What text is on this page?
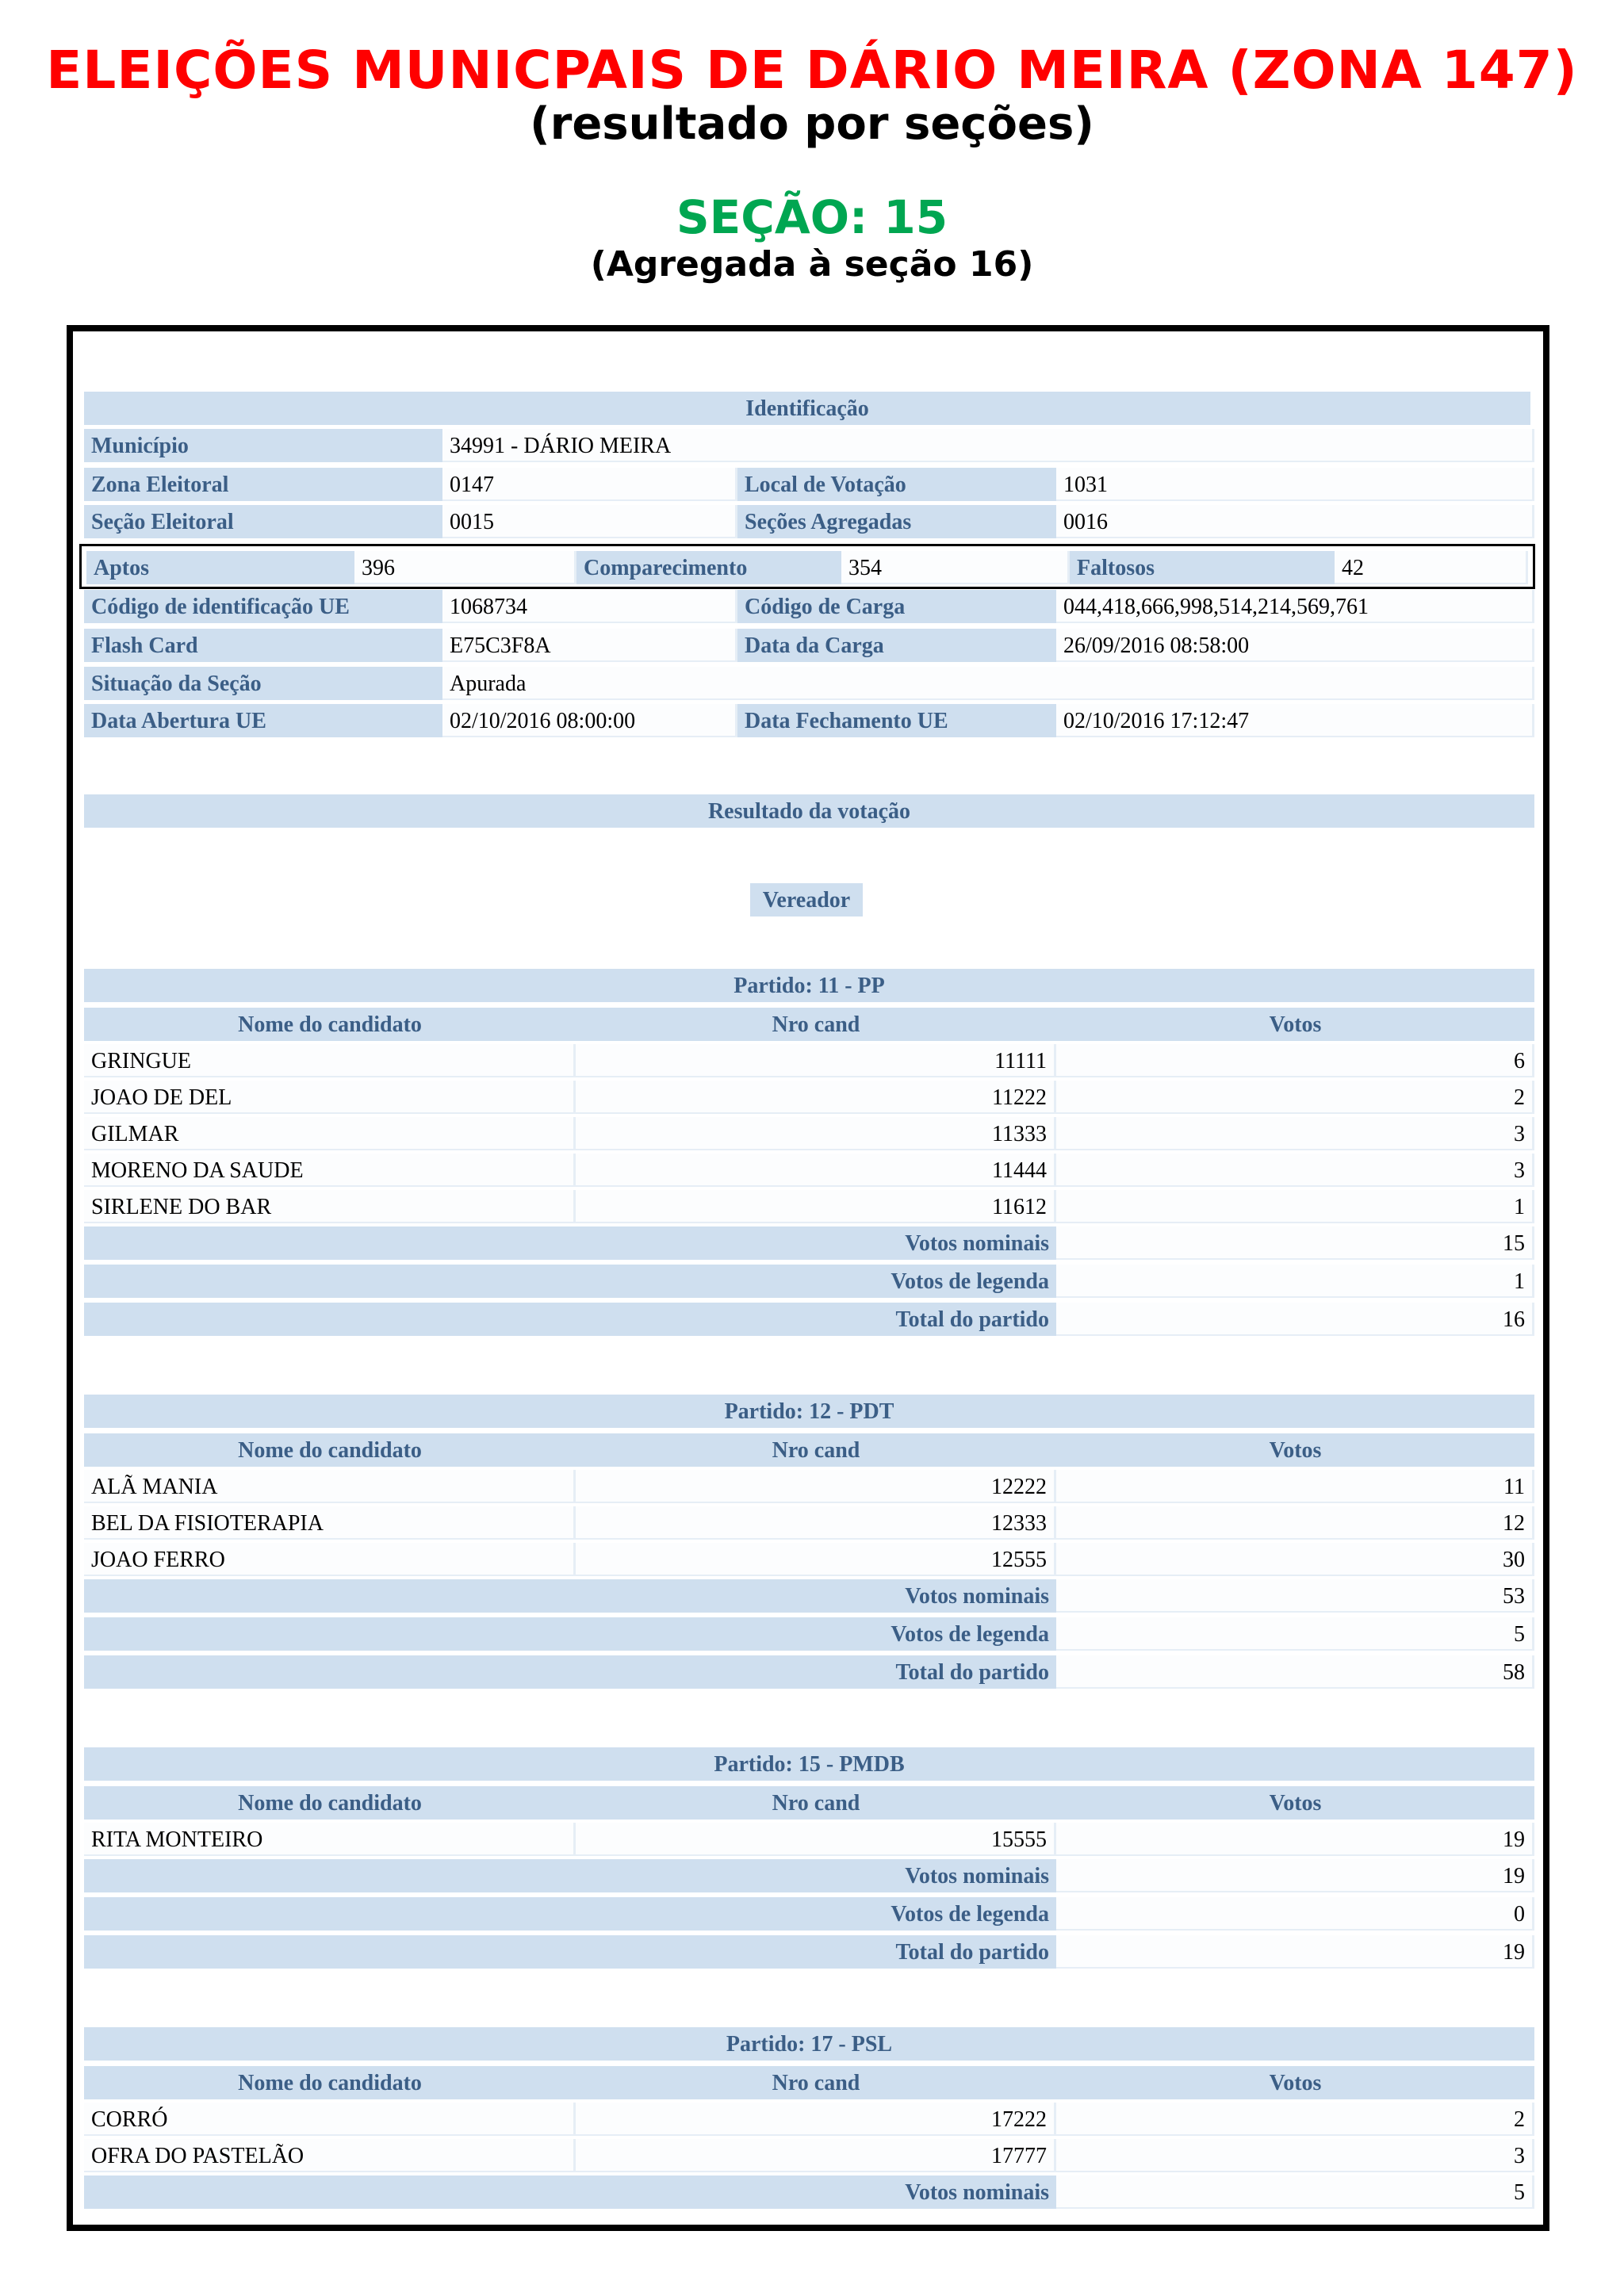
ELEIÇÕES MUNICPAIS DE DÁRIO MEIRA (ZONA 147)
(resultado por seções)
SEÇÃO: 15
(Agregada à seção 16)
Identificação
Município	34991 - DÁRIO MEIRA
Zona Eleitoral	0147	Local de Votação	1031
Seção Eleitoral	0015	Seções Agregadas	0016
Aptos	396	Comparecimento	354	Faltosos	42
Código de identificação UE	1068734	Código de Carga	044,418,666,998,514,214,569,761
Flash Card	E75C3F8A	Data da Carga	26/09/2016 08:58:00
Situação da Seção	Apurada
Data Abertura UE	02/10/2016 08:00:00	Data Fechamento UE	02/10/2016 17:12:47
Resultado da votação
Vereador
Partido: 11 - PP
Nome do candidato	Nro cand	Votos
GRINGUE	11111	6
JOAO DE DEL	11222	2
GILMAR	11333	3
MORENO DA SAUDE	11444	3
SIRLENE DO BAR	11612	1
Votos nominais	15
Votos de legenda	1
Total do partido	16
Partido: 12 - PDT
Nome do candidato	Nro cand	Votos
ALÃ MANIA	12222	11
BEL DA FISIOTERAPIA	12333	12
JOAO FERRO	12555	30
Votos nominais	53
Votos de legenda	5
Total do partido	58
Partido: 15 - PMDB
Nome do candidato	Nro cand	Votos
RITA MONTEIRO	15555	19
Votos nominais	19
Votos de legenda	0
Total do partido	19
Partido: 17 - PSL
Nome do candidato	Nro cand	Votos
CORRÓ	17222	2
OFRA DO PASTELÃO	17777	3
Votos nominais	5
